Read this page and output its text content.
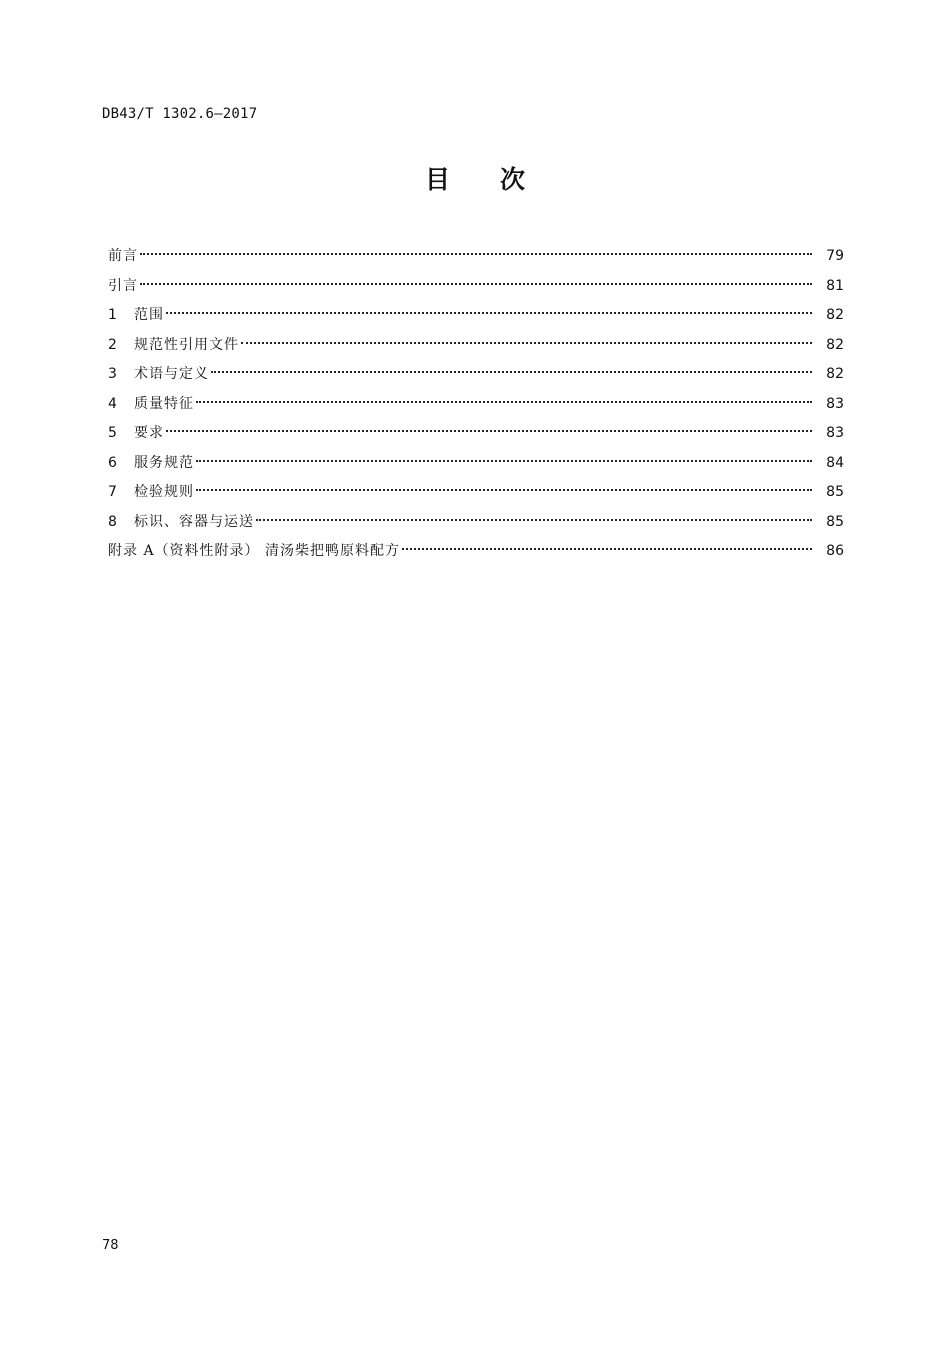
DB43/T 1302.6—2017
目次
前言	79
引言	81
1	范围	82
2	规范性引用文件	82
3	术语与定义	82
4	质量特征	83
5	要求	83
6	服务规范	84
7	检验规则	85
8	标识、容器与运送	85
附录 A（资料性附录） 清汤柴把鸭原料配方	86
78
